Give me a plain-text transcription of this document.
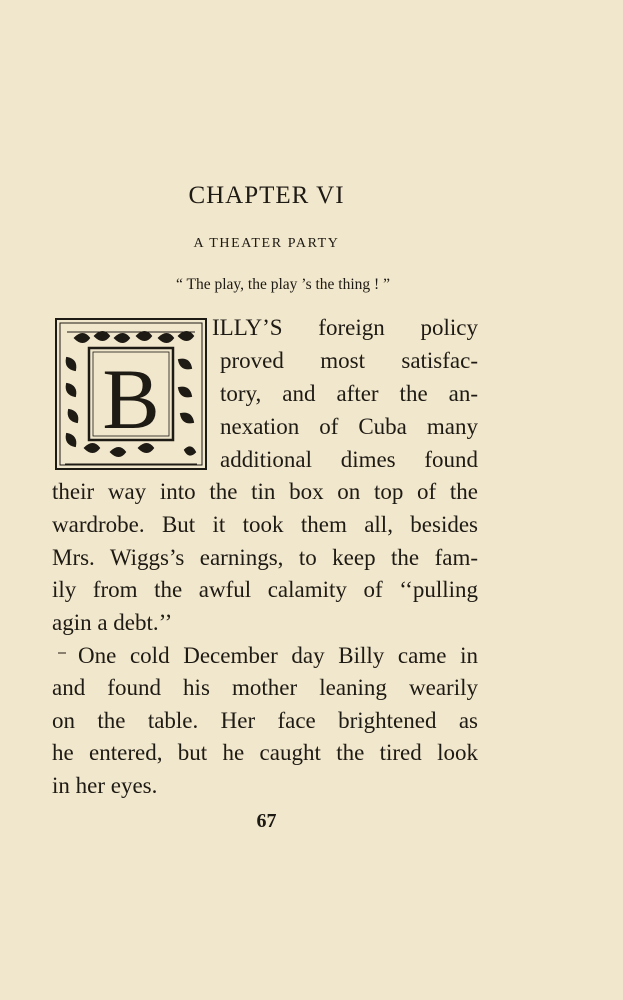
CHAPTER VI
A THEATER PARTY
“ The play, the play ’s the thing ! ”
B
ILLY’S foreign policy
proved most satisfac-
tory, and after the an-
nexation of Cuba many
additional dimes found
their way into the tin box on top of the
wardrobe. But it took them all, besides
Mrs. Wiggs’s earnings, to keep the fam-
ily from the awful calamity of ‘‘pulling
agin a debt.’’
One cold December day Billy came in
and found his mother leaning wearily
on the table. Her face brightened as
he entered, but he caught the tired look
in her eyes.
67
